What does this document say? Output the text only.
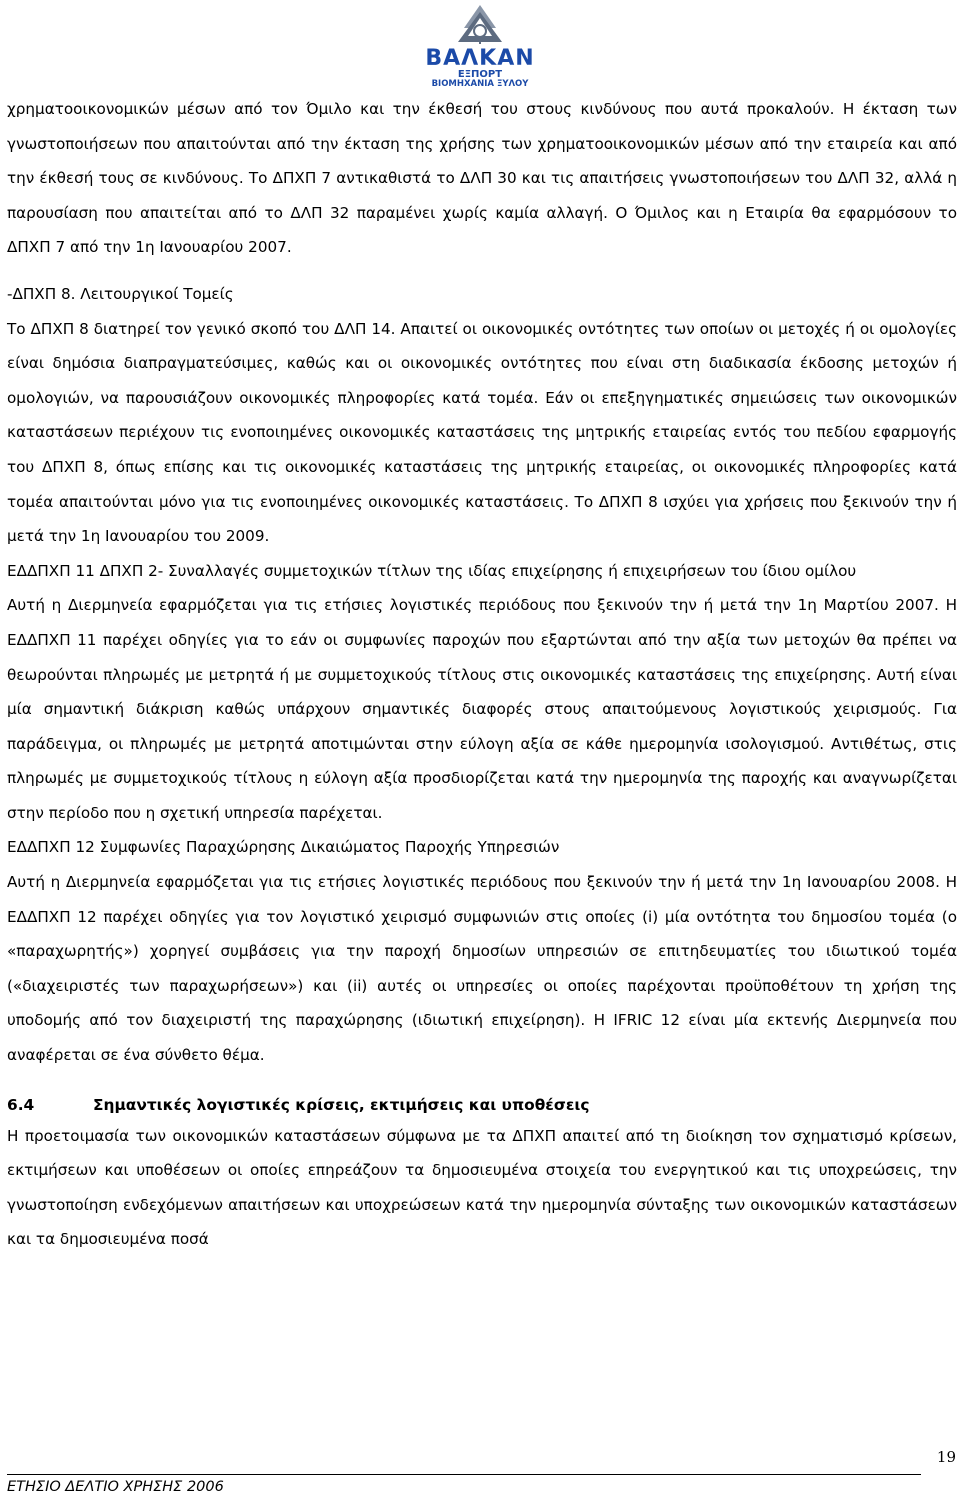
ΒΑΛΚΑΝ
ΕΞΠΟΡΤ
ΒΙΟΜΗΧΑΝΙΑ ΞΥΛΟΥ

χρηματοοικονομικών μέσων από τον Όμιλο και την έκθεσή του στους κινδύνους που αυτά προκαλούν. Η έκταση των γνωστοποιήσεων που απαιτούνται από την έκταση της χρήσης των χρηματοοικονομικών μέσων από την εταιρεία και από την έκθεσή τους σε κινδύνους. Το ΔΠΧΠ 7 αντικαθιστά το ΔΛΠ 30 και τις απαιτήσεις γνωστοποιήσεων του ΔΛΠ 32, αλλά η παρουσίαση που απαιτείται από το ΔΛΠ 32 παραμένει χωρίς καμία αλλαγή. Ο Όμιλος και η Εταιρία θα εφαρμόσουν το ΔΠΧΠ 7 από την 1η Ιανουαρίου 2007.

-ΔΠΧΠ 8. Λειτουργικοί Τομείς

Το ΔΠΧΠ 8 διατηρεί τον γενικό σκοπό του ΔΛΠ 14. Απαιτεί οι οικονομικές οντότητες των οποίων οι μετοχές ή οι ομολογίες είναι δημόσια διαπραγματεύσιμες, καθώς και οι οικονομικές οντότητες που είναι στη διαδικασία έκδοσης μετοχών ή ομολογιών, να παρουσιάζουν οικονομικές πληροφορίες κατά τομέα. Εάν οι επεξηγηματικές σημειώσεις των οικονομικών καταστάσεων περιέχουν τις ενοποιημένες οικονομικές καταστάσεις της μητρικής εταιρείας εντός του πεδίου εφαρμογής του ΔΠΧΠ 8, όπως επίσης και τις οικονομικές καταστάσεις της μητρικής εταιρείας, οι οικονομικές πληροφορίες κατά τομέα απαιτούνται μόνο για τις ενοποιημένες οικονομικές καταστάσεις. Το ΔΠΧΠ 8 ισχύει για χρήσεις που ξεκινούν την ή μετά την 1η Ιανουαρίου του 2009.

ΕΔΔΠΧΠ 11 ΔΠΧΠ 2- Συναλλαγές συμμετοχικών τίτλων της ιδίας επιχείρησης ή επιχειρήσεων του ίδιου ομίλου

Αυτή η Διερμηνεία εφαρμόζεται για τις ετήσιες λογιστικές περιόδους που ξεκινούν την ή μετά την 1η Μαρτίου 2007. Η ΕΔΔΠΧΠ 11 παρέχει οδηγίες για το εάν οι συμφωνίες παροχών που εξαρτώνται από την αξία των μετοχών θα πρέπει να θεωρούνται πληρωμές με μετρητά ή με συμμετοχικούς τίτλους στις οικονομικές καταστάσεις της επιχείρησης. Αυτή είναι μία σημαντική διάκριση καθώς υπάρχουν σημαντικές διαφορές στους απαιτούμενους λογιστικούς χειρισμούς. Για παράδειγμα, οι πληρωμές με μετρητά αποτιμώνται στην εύλογη αξία σε κάθε ημερομηνία ισολογισμού. Αντιθέτως, στις πληρωμές με συμμετοχικούς τίτλους η εύλογη αξία προσδιορίζεται κατά την ημερομηνία της παροχής και αναγνωρίζεται στην περίοδο που η σχετική υπηρεσία παρέχεται.

ΕΔΔΠΧΠ 12 Συμφωνίες Παραχώρησης Δικαιώματος Παροχής Υπηρεσιών

Αυτή η Διερμηνεία εφαρμόζεται για τις ετήσιες λογιστικές περιόδους που ξεκινούν την ή μετά την 1η Ιανουαρίου 2008. Η ΕΔΔΠΧΠ 12 παρέχει οδηγίες για τον λογιστικό χειρισμό συμφωνιών στις οποίες (i) μία οντότητα του δημοσίου τομέα (ο «παραχωρητής») χορηγεί συμβάσεις για την παροχή δημοσίων υπηρεσιών σε επιτηδευματίες του ιδιωτικού τομέα («διαχειριστές των παραχωρήσεων») και (ii) αυτές οι υπηρεσίες οι οποίες παρέχονται προϋποθέτουν τη χρήση της υποδομής από τον διαχειριστή της παραχώρησης (ιδιωτική επιχείρηση). Η IFRIC 12 είναι μία εκτενής Διερμηνεία που αναφέρεται σε ένα σύνθετο θέμα.

6.4	Σημαντικές λογιστικές κρίσεις, εκτιμήσεις και υποθέσεις

Η προετοιμασία των οικονομικών καταστάσεων σύμφωνα με τα ΔΠΧΠ απαιτεί από τη διοίκηση τον σχηματισμό κρίσεων, εκτιμήσεων και υποθέσεων οι οποίες επηρεάζουν τα δημοσιευμένα στοιχεία του ενεργητικού και τις υποχρεώσεις, την γνωστοποίηση ενδεχόμενων απαιτήσεων και υποχρεώσεων κατά την ημερομηνία σύνταξης των οικονομικών καταστάσεων και τα δημοσιευμένα ποσά

19
ΕΤΗΣΙΟ ΔΕΛΤΙΟ ΧΡΗΣΗΣ 2006
